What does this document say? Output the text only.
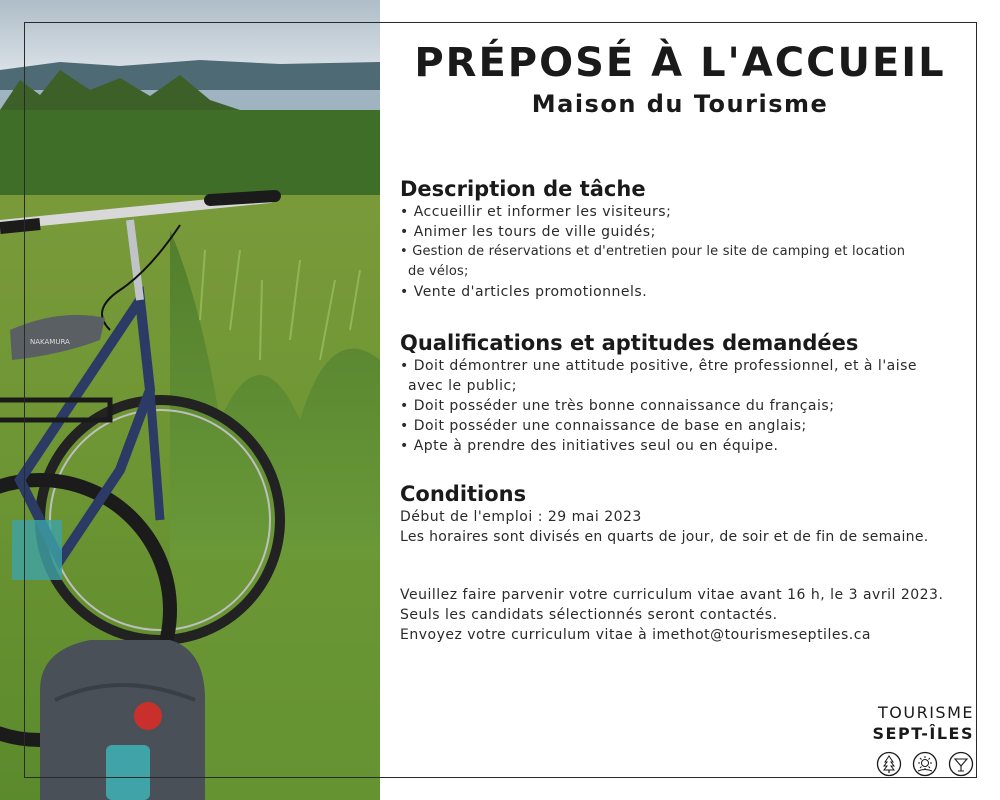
NAKAMURA
PRÉPOSÉ À L'ACCUEIL
Maison du Tourisme
Description de tâche
• Accueillir et informer les visiteurs;
• Animer les tours de ville guidés;
• Gestion de réservations et d'entretien pour le site de camping et location
de vélos;
• Vente d'articles promotionnels.
Qualifications et aptitudes demandées
• Doit démontrer une attitude positive, être professionnel, et à l'aise
avec le public;
• Doit posséder une très bonne connaissance du français;
• Doit posséder une connaissance de base en anglais;
• Apte à prendre des initiatives seul ou en équipe.
Conditions

Début de l'emploi : 29 mai 2023

Les horaires sont divisés en quarts de jour, de soir et de fin de semaine.

Veuillez faire parvenir votre curriculum vitae avant 16 h, le 3 avril 2023.

Seuls les candidats sélectionnés seront contactés.

Envoyez votre curriculum vitae à imethot@tourismeseptiles.ca

TOURISME
SEPT-ÎLES
